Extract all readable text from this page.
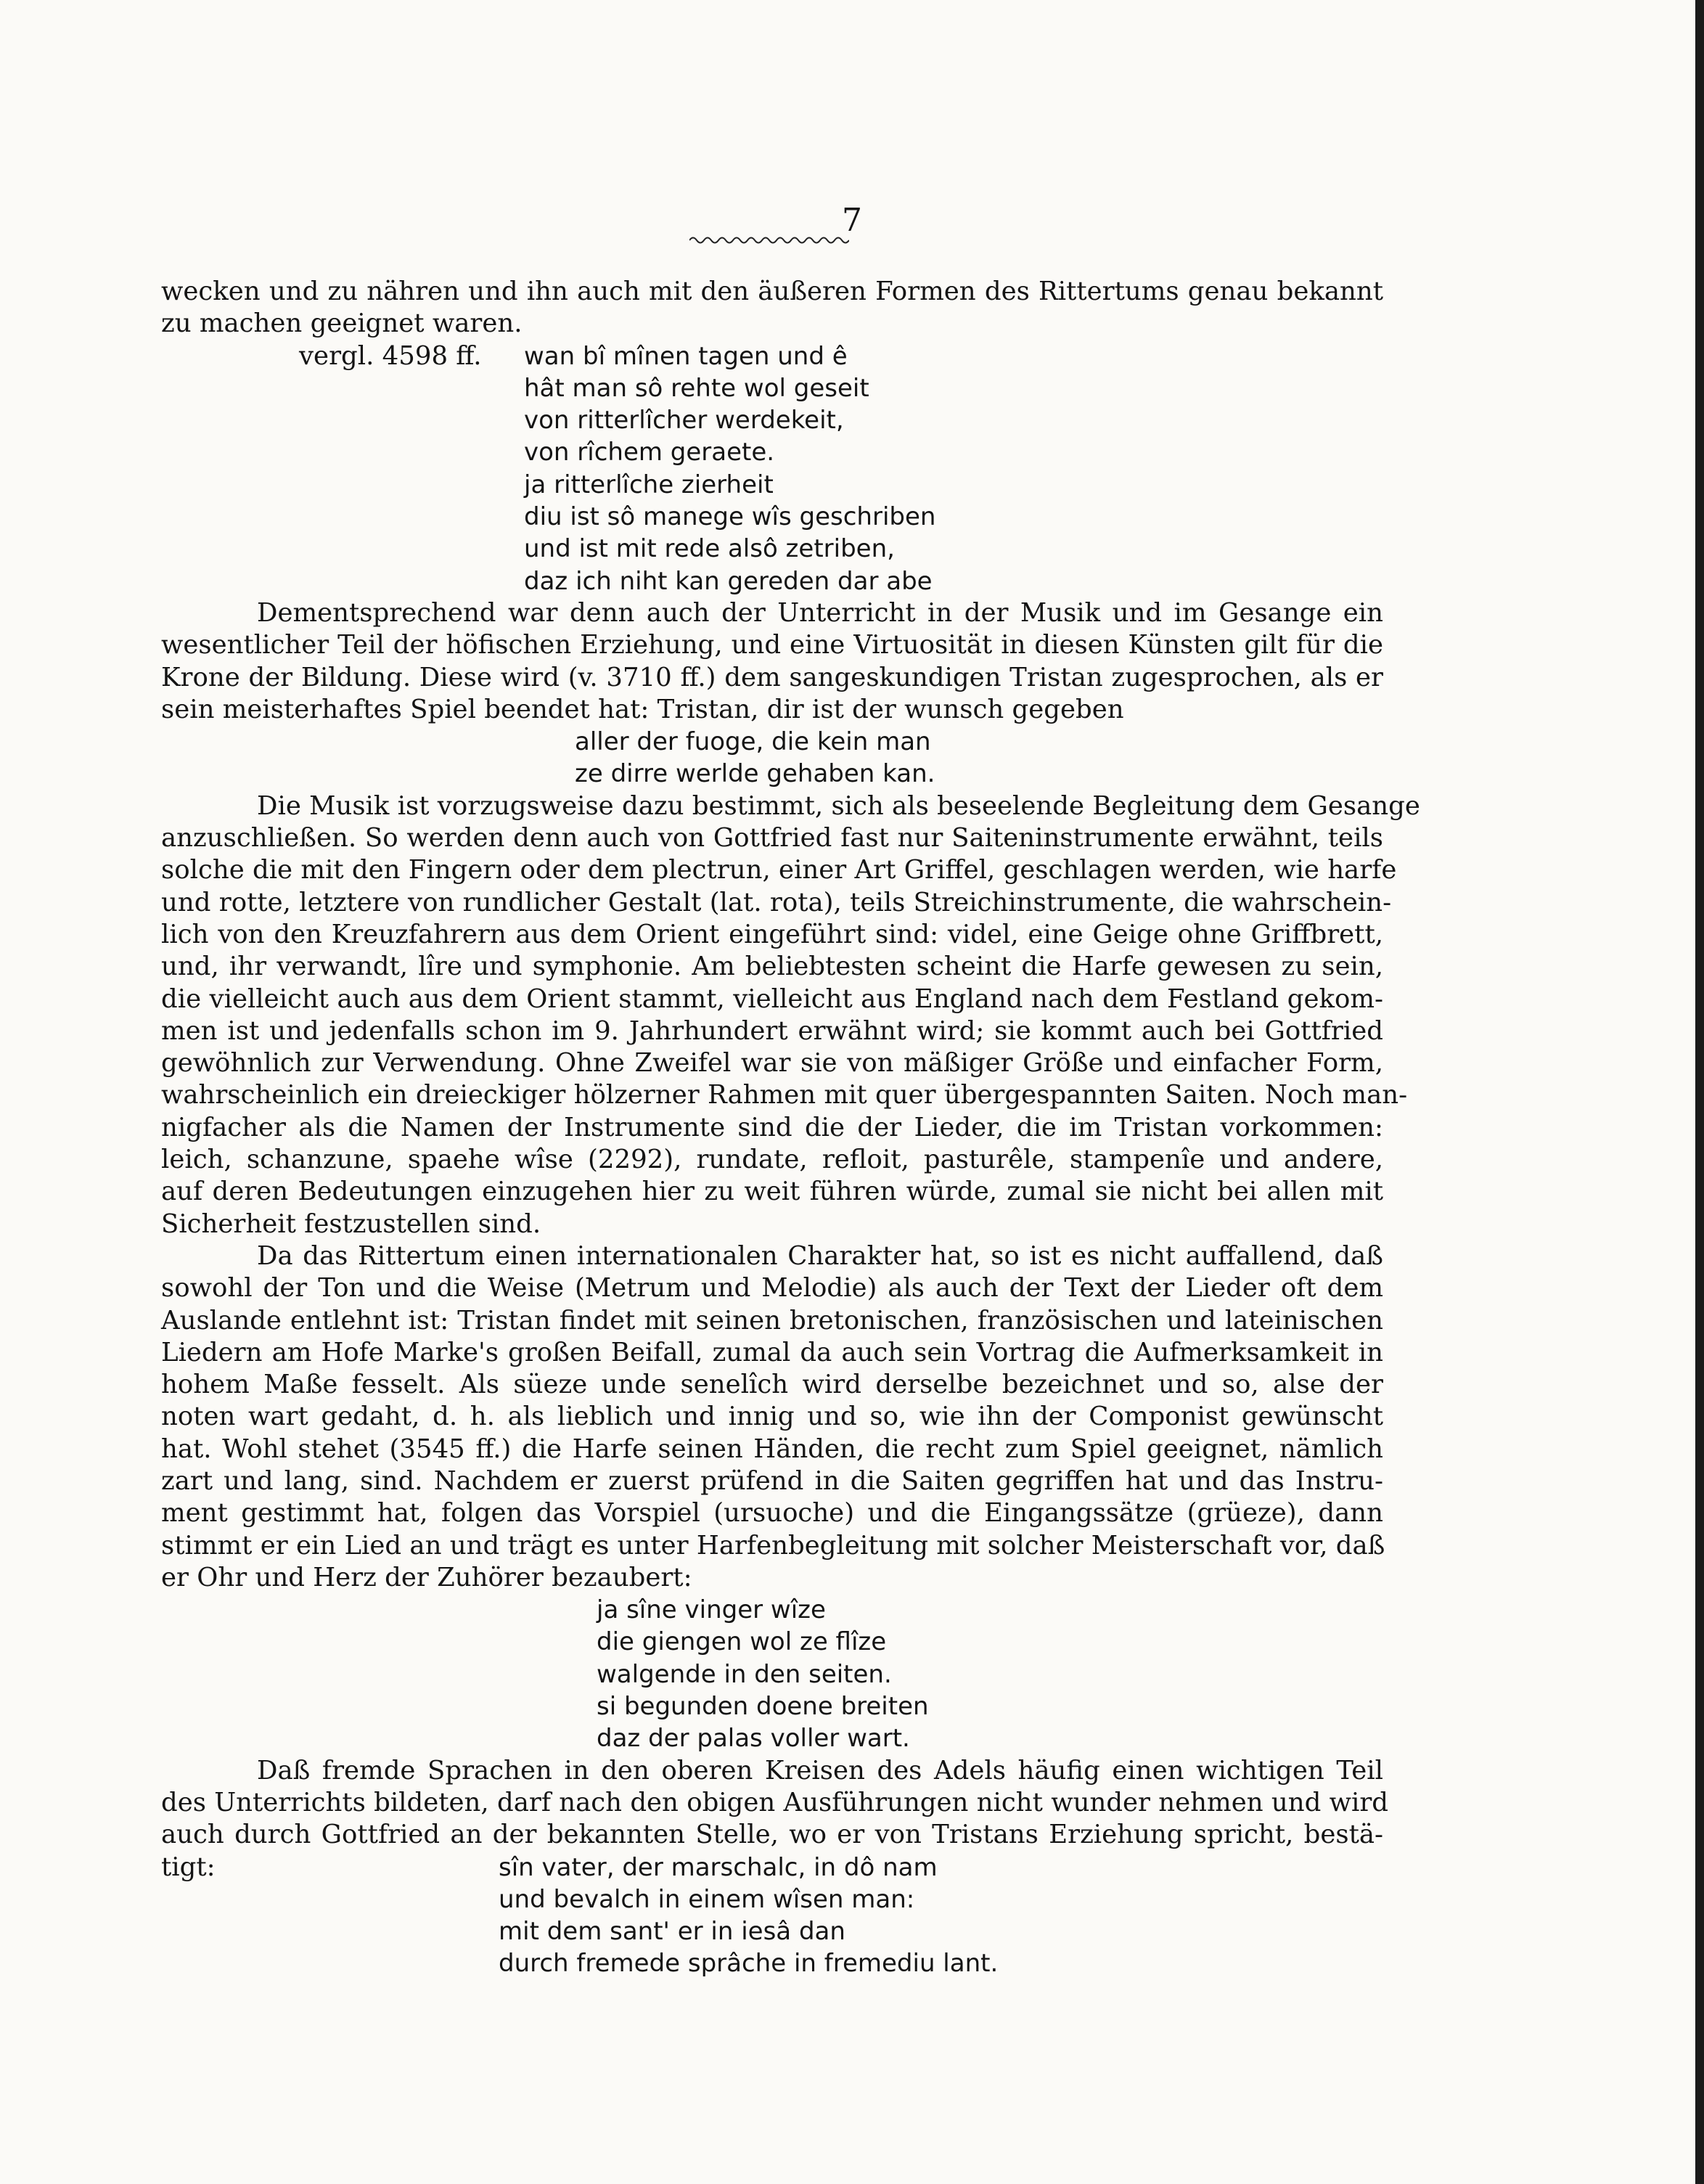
7
wecken und zu nähren und ihn auch mit den äußeren Formen des Rittertums genau bekannt
zu machen geeignet waren.
vergl. 4598 ff.	wan bî mînen tagen und ê
hât man sô rehte wol geseit
von ritterlîcher werdekeit,
von rîchem geraete.
ja ritterlîche zierheit
diu ist sô manege wîs geschriben
und ist mit rede alsô zetriben,
daz ich niht kan gereden dar abe
Dementsprechend war denn auch der Unterricht in der Musik und im Gesange ein
wesentlicher Teil der höfischen Erziehung, und eine Virtuosität in diesen Künsten gilt für die
Krone der Bildung. Diese wird (v. 3710 ff.) dem sangeskundigen Tristan zugesprochen, als er
sein meisterhaftes Spiel beendet hat: Tristan, dir ist der wunsch gegeben
aller der fuoge, die kein man
ze dirre werlde gehaben kan.
Die Musik ist vorzugsweise dazu bestimmt, sich als beseelende Begleitung dem Gesange
anzuschließen. So werden denn auch von Gottfried fast nur Saiteninstrumente erwähnt, teils
solche die mit den Fingern oder dem plectrun, einer Art Griffel, geschlagen werden, wie harfe
und rotte, letztere von rundlicher Gestalt (lat. rota), teils Streichinstrumente, die wahrschein-
lich von den Kreuzfahrern aus dem Orient eingeführt sind: videl, eine Geige ohne Griffbrett,
und, ihr verwandt, lîre und symphonie. Am beliebtesten scheint die Harfe gewesen zu sein,
die vielleicht auch aus dem Orient stammt, vielleicht aus England nach dem Festland gekom-
men ist und jedenfalls schon im 9. Jahrhundert erwähnt wird; sie kommt auch bei Gottfried
gewöhnlich zur Verwendung. Ohne Zweifel war sie von mäßiger Größe und einfacher Form,
wahrscheinlich ein dreieckiger hölzerner Rahmen mit quer übergespannten Saiten. Noch man-
nigfacher als die Namen der Instrumente sind die der Lieder, die im Tristan vorkommen:
leich, schanzune, spaehe wîse (2292), rundate, refloit, pasturêle, stampenîe und andere,
auf deren Bedeutungen einzugehen hier zu weit führen würde, zumal sie nicht bei allen mit
Sicherheit festzustellen sind.
Da das Rittertum einen internationalen Charakter hat, so ist es nicht auffallend, daß
sowohl der Ton und die Weise (Metrum und Melodie) als auch der Text der Lieder oft dem
Auslande entlehnt ist: Tristan findet mit seinen bretonischen, französischen und lateinischen
Liedern am Hofe Marke's großen Beifall, zumal da auch sein Vortrag die Aufmerksamkeit in
hohem Maße fesselt. Als süeze unde senelîch wird derselbe bezeichnet und so, alse der
noten wart gedaht, d. h. als lieblich und innig und so, wie ihn der Componist gewünscht
hat. Wohl stehet (3545 ff.) die Harfe seinen Händen, die recht zum Spiel geeignet, nämlich
zart und lang, sind. Nachdem er zuerst prüfend in die Saiten gegriffen hat und das Instru-
ment gestimmt hat, folgen das Vorspiel (ursuoche) und die Eingangssätze (grüeze), dann
stimmt er ein Lied an und trägt es unter Harfenbegleitung mit solcher Meisterschaft vor, daß
er Ohr und Herz der Zuhörer bezaubert:
ja sîne vinger wîze
die giengen wol ze flîze
walgende in den seiten.
si begunden doene breiten
daz der palas voller wart.
Daß fremde Sprachen in den oberen Kreisen des Adels häufig einen wichtigen Teil
des Unterrichts bildeten, darf nach den obigen Ausführungen nicht wunder nehmen und wird
auch durch Gottfried an der bekannten Stelle, wo er von Tristans Erziehung spricht, bestä-
tigt:	sîn vater, der marschalc, in dô nam
und bevalch in einem wîsen man:
mit dem sant' er in iesâ dan
durch fremede sprâche in fremediu lant.
